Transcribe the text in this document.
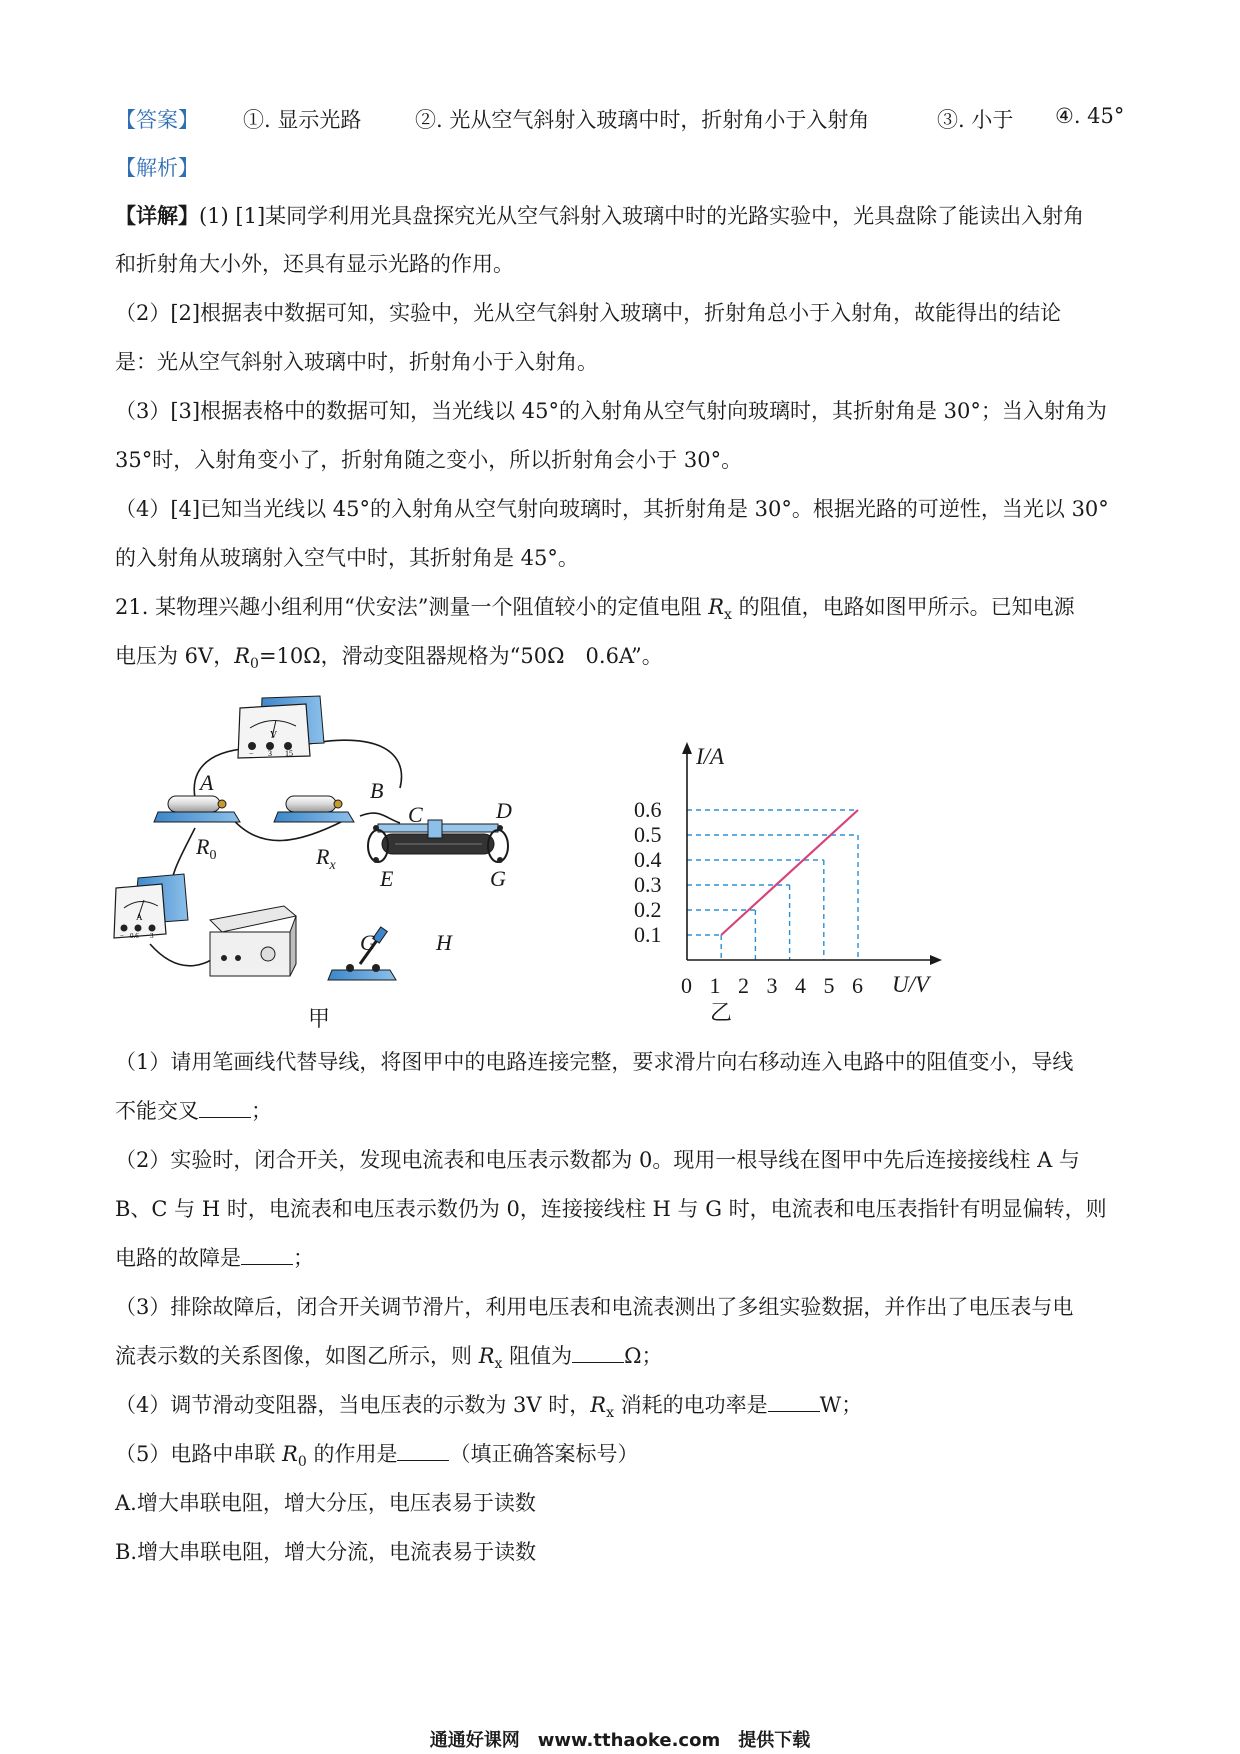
【答案】 ①. 显示光路	②. 光从空气斜射入玻璃中时，折射角小于入射角	③. 小于 ④. 45°
【解析】
【详解】(1) [1]某同学利用光具盘探究光从空气斜射入玻璃中时的光路实验中，光具盘除了能读出入射角
和折射角大小外，还具有显示光路的作用。
（2）[2]根据表中数据可知，实验中，光从空气斜射入玻璃中，折射角总小于入射角，故能得出的结论
是：光从空气斜射入玻璃中时，折射角小于入射角。
（3）[3]根据表格中的数据可知，当光线以 45°的入射角从空气射向玻璃时，其折射角是 30°；当入射角为
35°时，入射角变小了，折射角随之变小，所以折射角会小于 30°。
（4）[4]已知当光线以 45°的入射角从空气射向玻璃时，其折射角是 30°。根据光路的可逆性，当光以 30°
的入射角从玻璃射入空气中时，其折射角是 45°。
21. 某物理兴趣小组利用“伏安法”测量一个阻值较小的定值电阻 $R_x$ 的阻值，电路如图甲所示。已知电源
电压为 6V，$R_0=10\Omega$，滑动变阻器规格为“50Ω　0.6A”。
V
− 3 15
A
− 0.6 3
A	B
C	D
E	G
G	H
$R_0$	$R_x$
甲
0 1 2 3 4 5 6
0.1
0.2
0.3
0.4
0.5
0.6
I/A
U/V
乙
（1）请用笔画线代替导线，将图甲中的电路连接完整，要求滑片向右移动连入电路中的阻值变小，导线
不能交叉 ；
（2）实验时，闭合开关，发现电流表和电压表示数都为 0。现用一根导线在图甲中先后连接接线柱 A 与
B、C 与 H 时，电流表和电压表示数仍为 0，连接接线柱 H 与 G 时，电流表和电压表指针有明显偏转，则
电路的故障是 ；
（3）排除故障后，闭合开关调节滑片，利用电压表和电流表测出了多组实验数据，并作出了电压表与电
流表示数的关系图像，如图乙所示，则 $R_x$ 阻值为 Ω；
（4）调节滑动变阻器，当电压表的示数为 3V 时，$R_x$ 消耗的电功率是 W；
（5）电路中串联 $R_0$ 的作用是 （填正确答案标号）
A.增大串联电阻，增大分压，电压表易于读数
B.增大串联电阻，增大分流，电流表易于读数
通通好课网　www.tthaoke.com　提供下载
